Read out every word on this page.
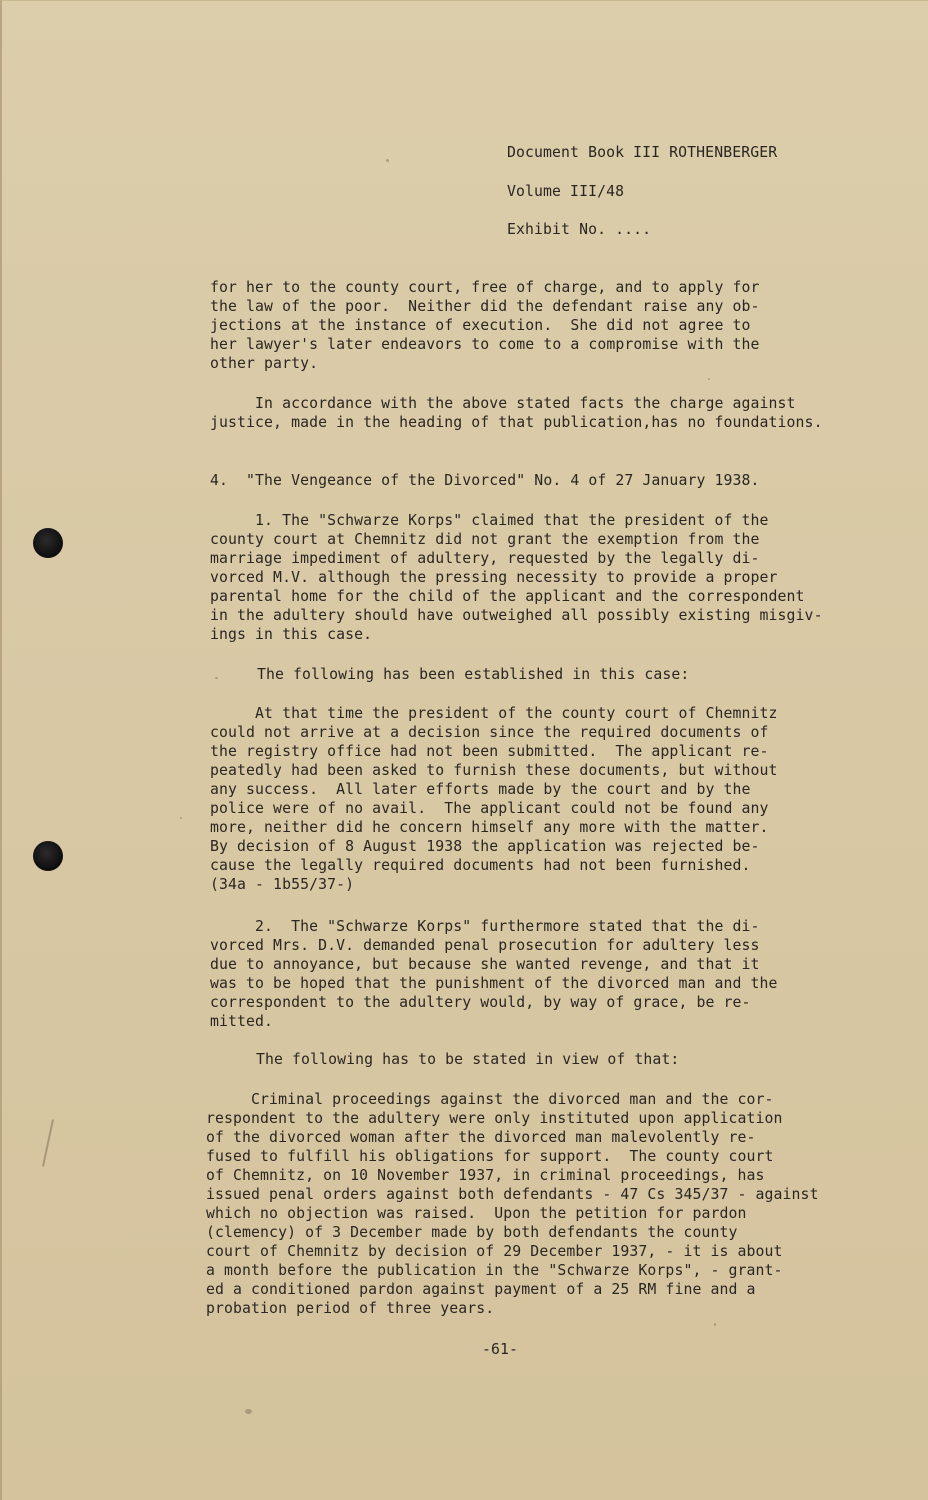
Document Book III ROTHENBERGER
Volume III/48
Exhibit No. ....
for her to the county court, free of charge, and to apply for
the law of the poor.  Neither did the defendant raise any ob-
jections at the instance of execution.  She did not agree to
her lawyer's later endeavors to come to a compromise with the
other party.
In accordance with the above stated facts the charge against
justice, made in the heading of that publication,has no foundations.
4.  "The Vengeance of the Divorced" No. 4 of 27 January 1938.
1. The "Schwarze Korps" claimed that the president of the
county court at Chemnitz did not grant the exemption from the
marriage impediment of adultery, requested by the legally di-
vorced M.V. although the pressing necessity to provide a proper
parental home for the child of the applicant and the correspondent
in the adultery should have outweighed all possibly existing misgiv-
ings in this case.
The following has been established in this case:
At that time the president of the county court of Chemnitz
could not arrive at a decision since the required documents of
the registry office had not been submitted.  The applicant re-
peatedly had been asked to furnish these documents, but without
any success.  All later efforts made by the court and by the
police were of no avail.  The applicant could not be found any
more, neither did he concern himself any more with the matter.
By decision of 8 August 1938 the application was rejected be-
cause the legally required documents had not been furnished.
(34a - 1b55/37-)
2.  The "Schwarze Korps" furthermore stated that the di-
vorced Mrs. D.V. demanded penal prosecution for adultery less
due to annoyance, but because she wanted revenge, and that it
was to be hoped that the punishment of the divorced man and the
correspondent to the adultery would, by way of grace, be re-
mitted.
The following has to be stated in view of that:
Criminal proceedings against the divorced man and the cor-
respondent to the adultery were only instituted upon application
of the divorced woman after the divorced man malevolently re-
fused to fulfill his obligations for support.  The county court
of Chemnitz, on 10 November 1937, in criminal proceedings, has
issued penal orders against both defendants - 47 Cs 345/37 - against
which no objection was raised.  Upon the petition for pardon
(clemency) of 3 December made by both defendants the county
court of Chemnitz by decision of 29 December 1937, - it is about
a month before the publication in the "Schwarze Korps", - grant-
ed a conditioned pardon against payment of a 25 RM fine and a
probation period of three years.
-61-
